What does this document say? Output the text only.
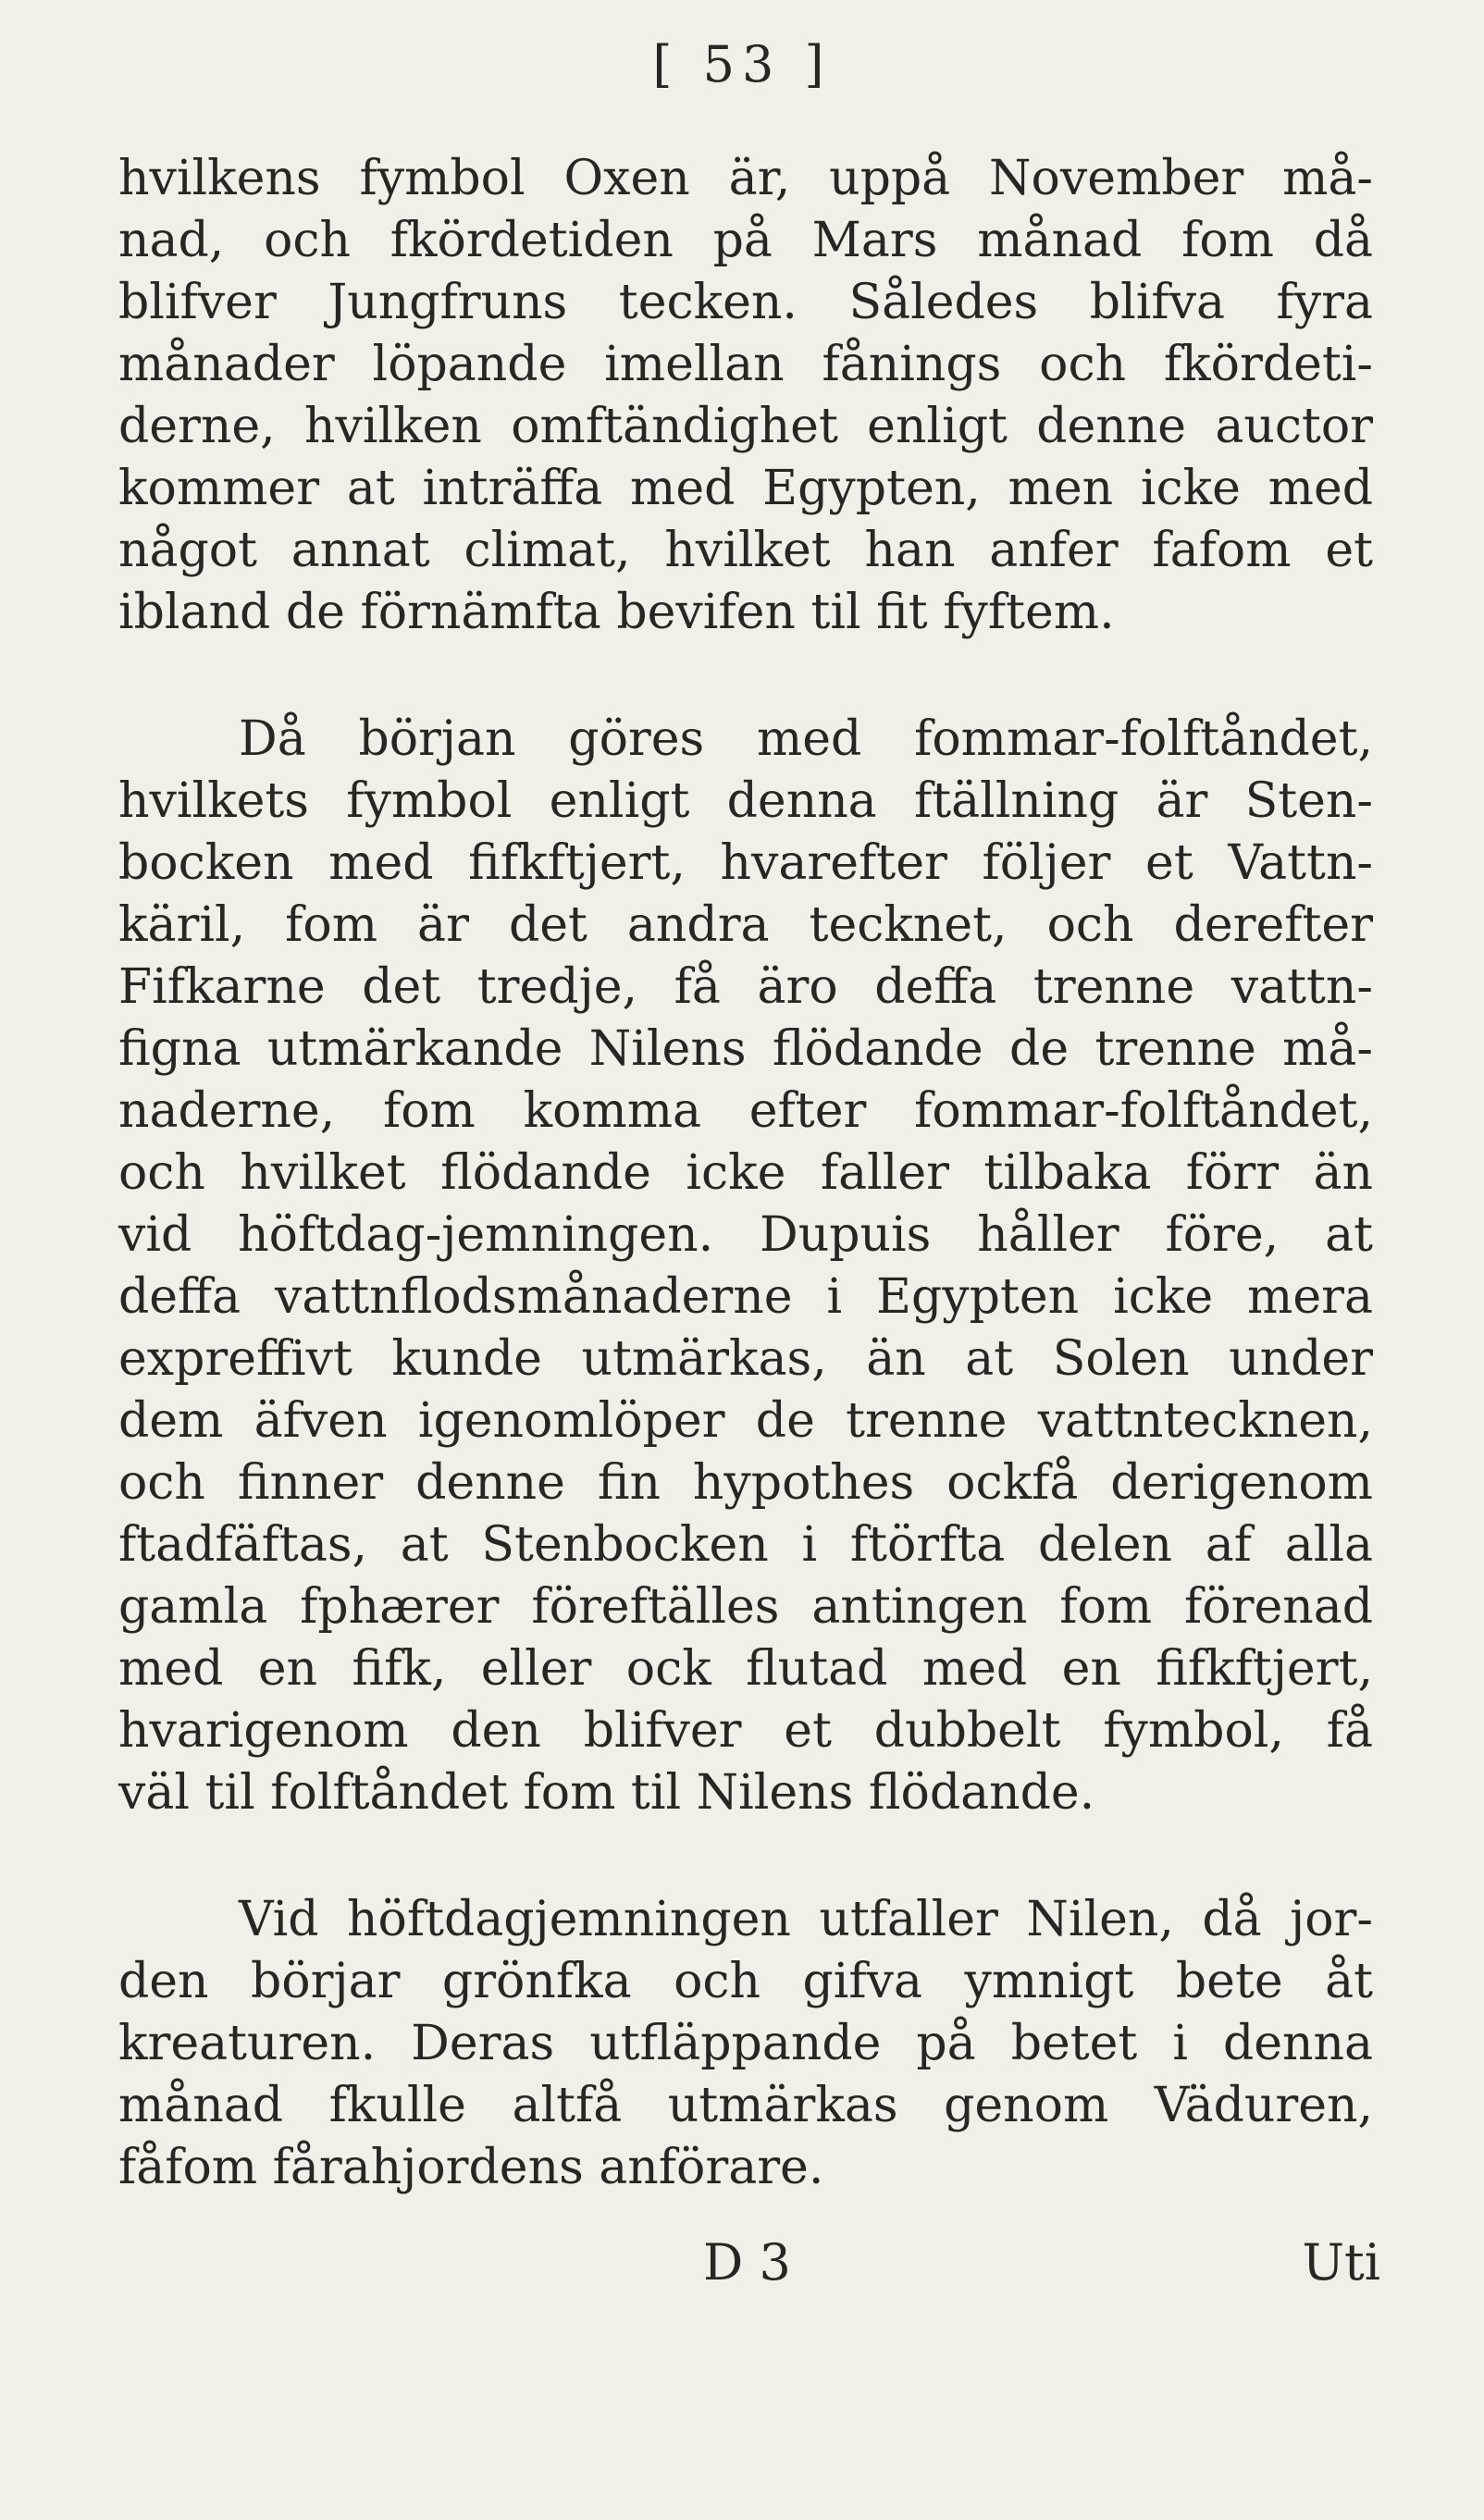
[ 53 ]
hvilkens fymbol Oxen är, uppå November må-
nad, och fkördetiden på Mars månad fom då
blifver Jungfruns tecken. Således blifva fyra
månader löpande imellan fånings och fkördeti-
derne, hvilken omftändighet enligt denne auctor
kommer at inträffa med Egypten, men icke med
något annat climat, hvilket han anfer fafom et
ibland de förnämfta bevifen til fit fyftem.
Då början göres med fommar-folftåndet,
hvilkets fymbol enligt denna ftällning är Sten-
bocken med fifkftjert, hvarefter följer et Vattn-
käril, fom är det andra tecknet, och derefter
Fifkarne det tredje, få äro deffa trenne vattn-
figna utmärkande Nilens flödande de trenne må-
naderne, fom komma efter fommar-folftåndet,
och hvilket flödande icke faller tilbaka förr än
vid höftdag-jemningen. Dupuis håller före, at
deffa vattnflodsmånaderne i Egypten icke mera
expreffivt kunde utmärkas, än at Solen under
dem äfven igenomlöper de trenne vattntecknen,
och finner denne fin hypothes ockfå derigenom
ftadfäftas, at Stenbocken i ftörfta delen af alla
gamla fphærer föreftälles antingen fom förenad
med en fifk, eller ock flutad med en fifkftjert,
hvarigenom den blifver et dubbelt fymbol, få
väl til folftåndet fom til Nilens flödande.
Vid höftdagjemningen utfaller Nilen, då jor-
den börjar grönfka och gifva ymnigt bete åt
kreaturen. Deras utfläppande på betet i denna
månad fkulle altfå utmärkas genom Väduren,
fåfom fårahjordens anförare.
D 3	Uti
